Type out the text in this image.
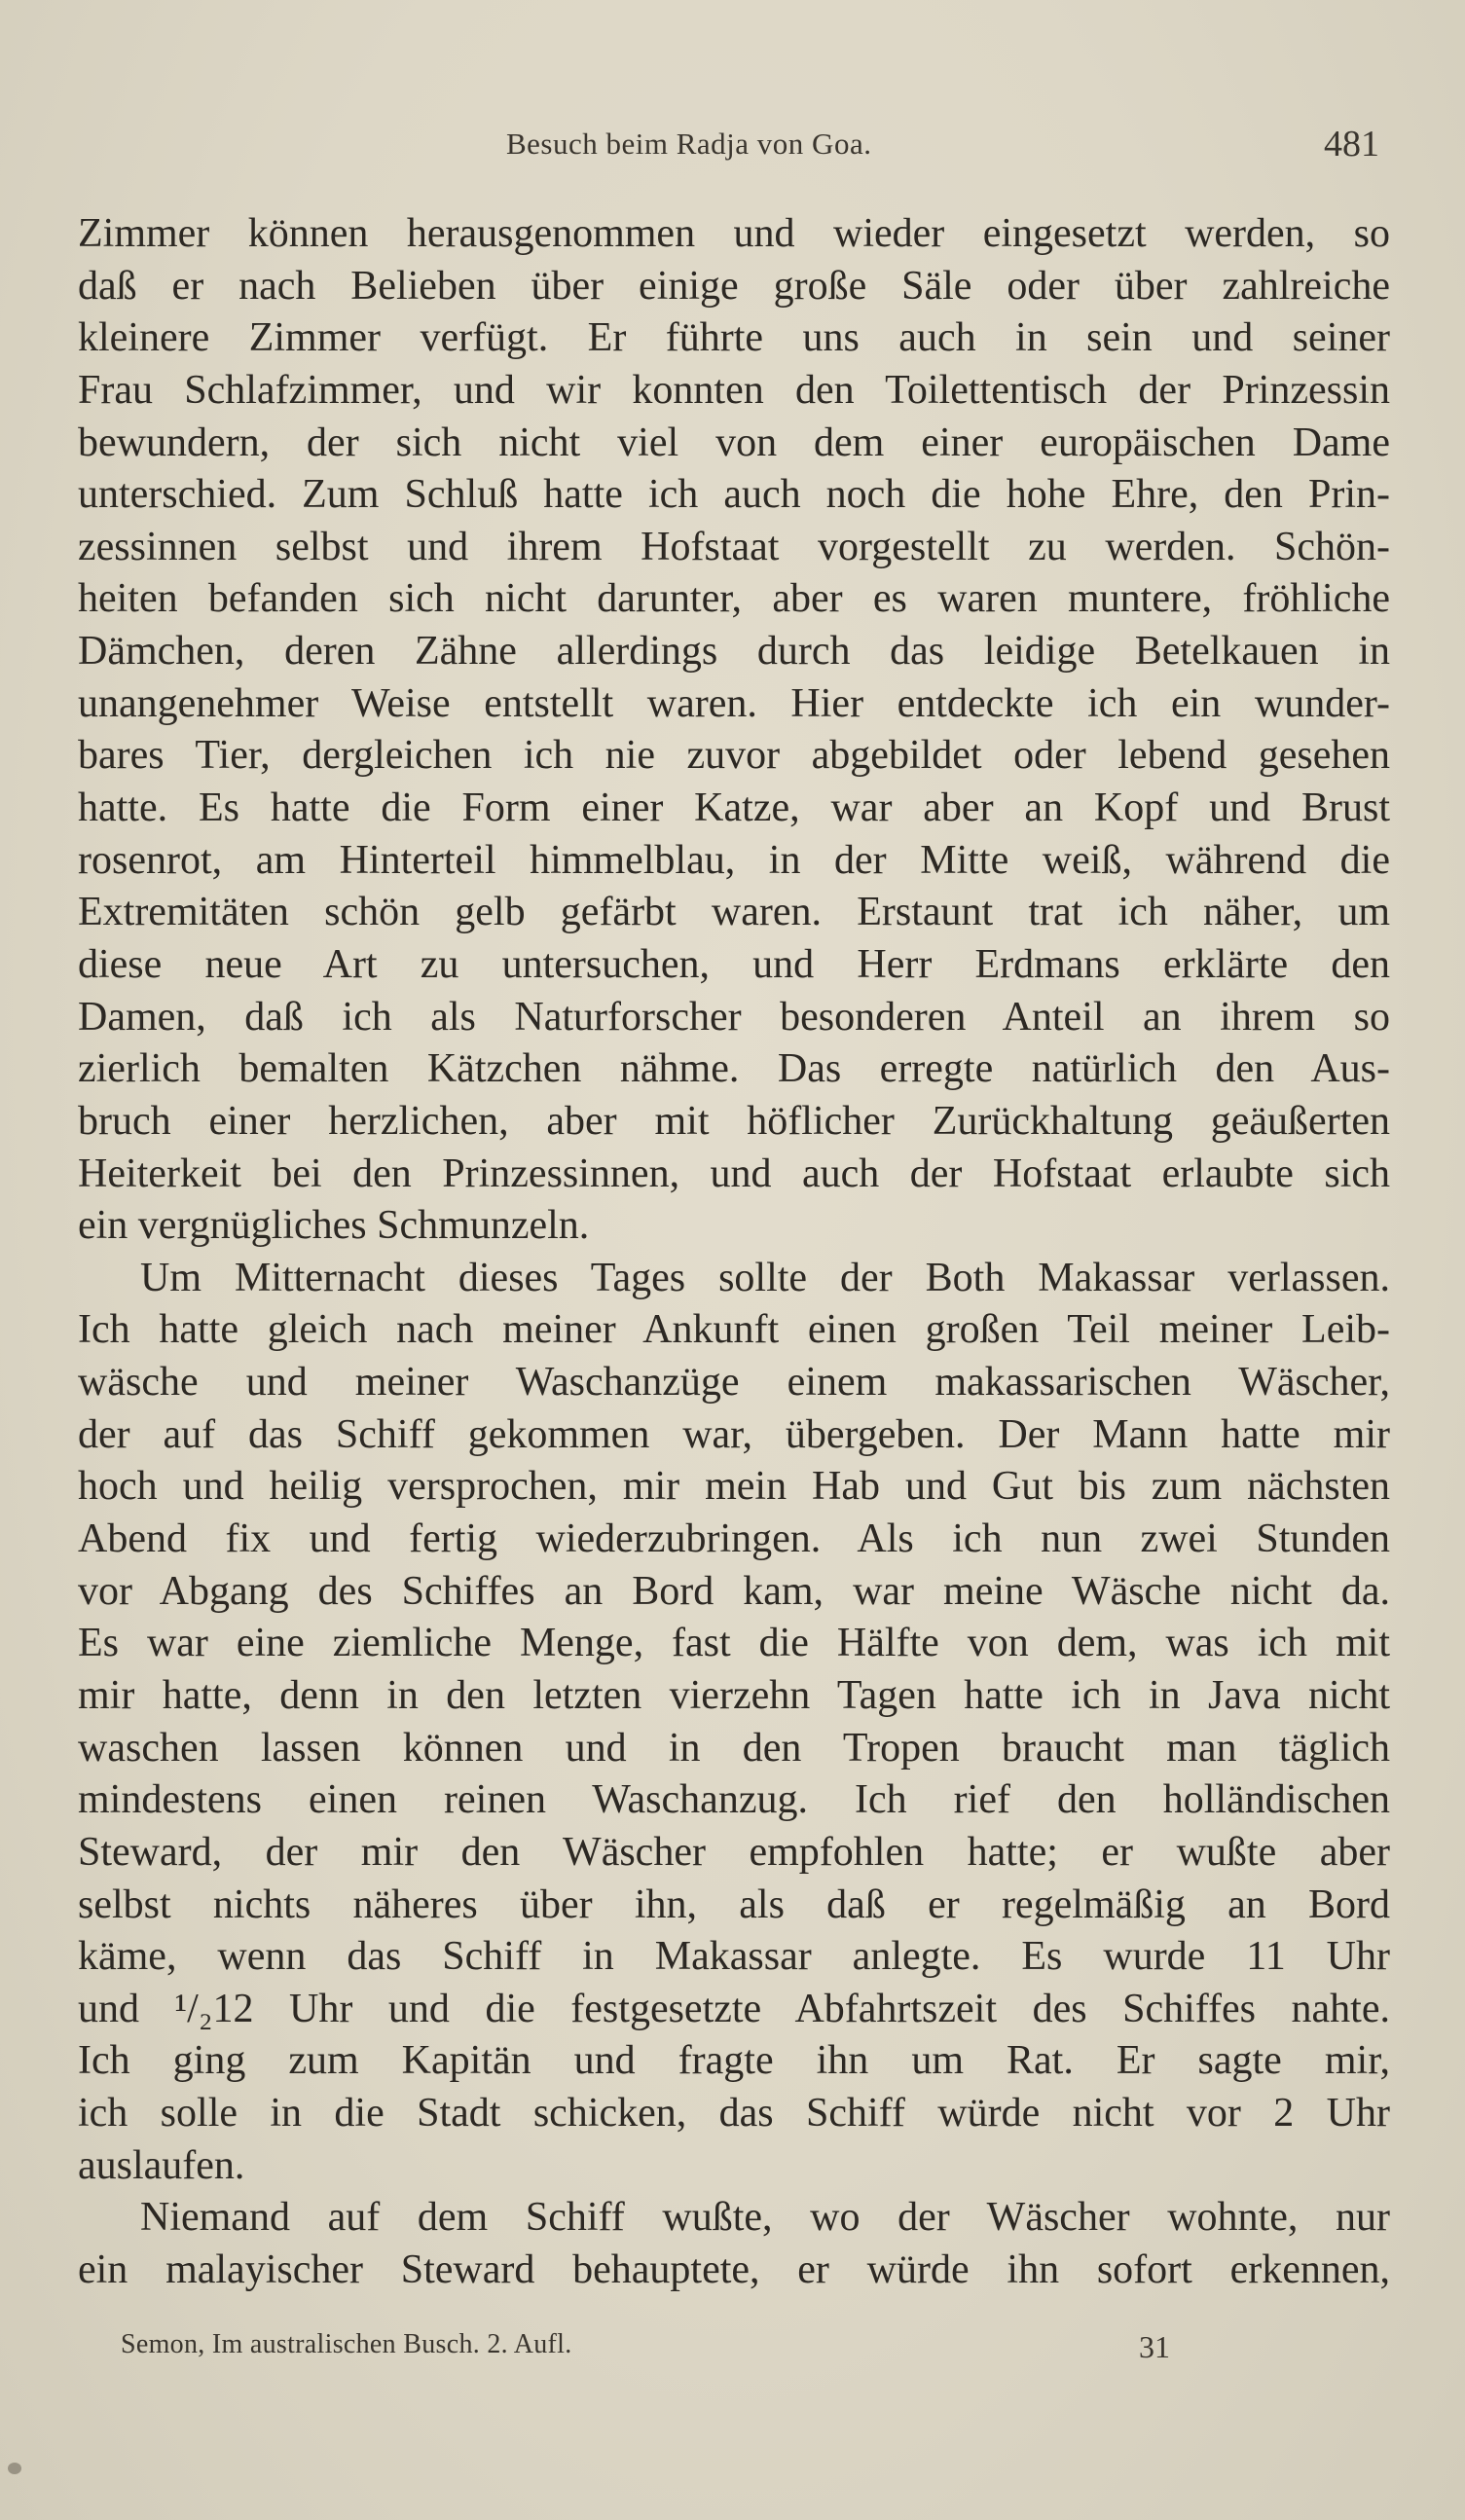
Besuch beim Radja von Goa.	481
Zimmer können herausgenommen und wieder eingesetzt werden, so
daß er nach Belieben über einige große Säle oder über zahlreiche
kleinere Zimmer verfügt. Er führte uns auch in sein und seiner
Frau Schlafzimmer, und wir konnten den Toilettentisch der Prinzessin
bewundern, der sich nicht viel von dem einer europäischen Dame
unterschied. Zum Schluß hatte ich auch noch die hohe Ehre, den Prin-
zessinnen selbst und ihrem Hofstaat vorgestellt zu werden. Schön-
heiten befanden sich nicht darunter, aber es waren muntere, fröhliche
Dämchen, deren Zähne allerdings durch das leidige Betelkauen in
unangenehmer Weise entstellt waren. Hier entdeckte ich ein wunder-
bares Tier, dergleichen ich nie zuvor abgebildet oder lebend gesehen
hatte. Es hatte die Form einer Katze, war aber an Kopf und Brust
rosenrot, am Hinterteil himmelblau, in der Mitte weiß, während die
Extremitäten schön gelb gefärbt waren. Erstaunt trat ich näher, um
diese neue Art zu untersuchen, und Herr Erdmans erklärte den
Damen, daß ich als Naturforscher besonderen Anteil an ihrem so
zierlich bemalten Kätzchen nähme. Das erregte natürlich den Aus-
bruch einer herzlichen, aber mit höflicher Zurückhaltung geäußerten
Heiterkeit bei den Prinzessinnen, und auch der Hofstaat erlaubte sich
ein vergnügliches Schmunzeln.
Um Mitternacht dieses Tages sollte der Both Makassar verlassen.
Ich hatte gleich nach meiner Ankunft einen großen Teil meiner Leib-
wäsche und meiner Waschanzüge einem makassarischen Wäscher,
der auf das Schiff gekommen war, übergeben. Der Mann hatte mir
hoch und heilig versprochen, mir mein Hab und Gut bis zum nächsten
Abend fix und fertig wiederzubringen. Als ich nun zwei Stunden
vor Abgang des Schiffes an Bord kam, war meine Wäsche nicht da.
Es war eine ziemliche Menge, fast die Hälfte von dem, was ich mit
mir hatte, denn in den letzten vierzehn Tagen hatte ich in Java nicht
waschen lassen können und in den Tropen braucht man täglich
mindestens einen reinen Waschanzug. Ich rief den holländischen
Steward, der mir den Wäscher empfohlen hatte; er wußte aber
selbst nichts näheres über ihn, als daß er regelmäßig an Bord
käme, wenn das Schiff in Makassar anlegte. Es wurde 11 Uhr
und ¹/₂12 Uhr und die festgesetzte Abfahrtszeit des Schiffes nahte.
Ich ging zum Kapitän und fragte ihn um Rat. Er sagte mir,
ich solle in die Stadt schicken, das Schiff würde nicht vor 2 Uhr
auslaufen.
Niemand auf dem Schiff wußte, wo der Wäscher wohnte, nur
ein malayischer Steward behauptete, er würde ihn sofort erkennen,
Semon, Im australischen Busch. 2. Aufl.	31
